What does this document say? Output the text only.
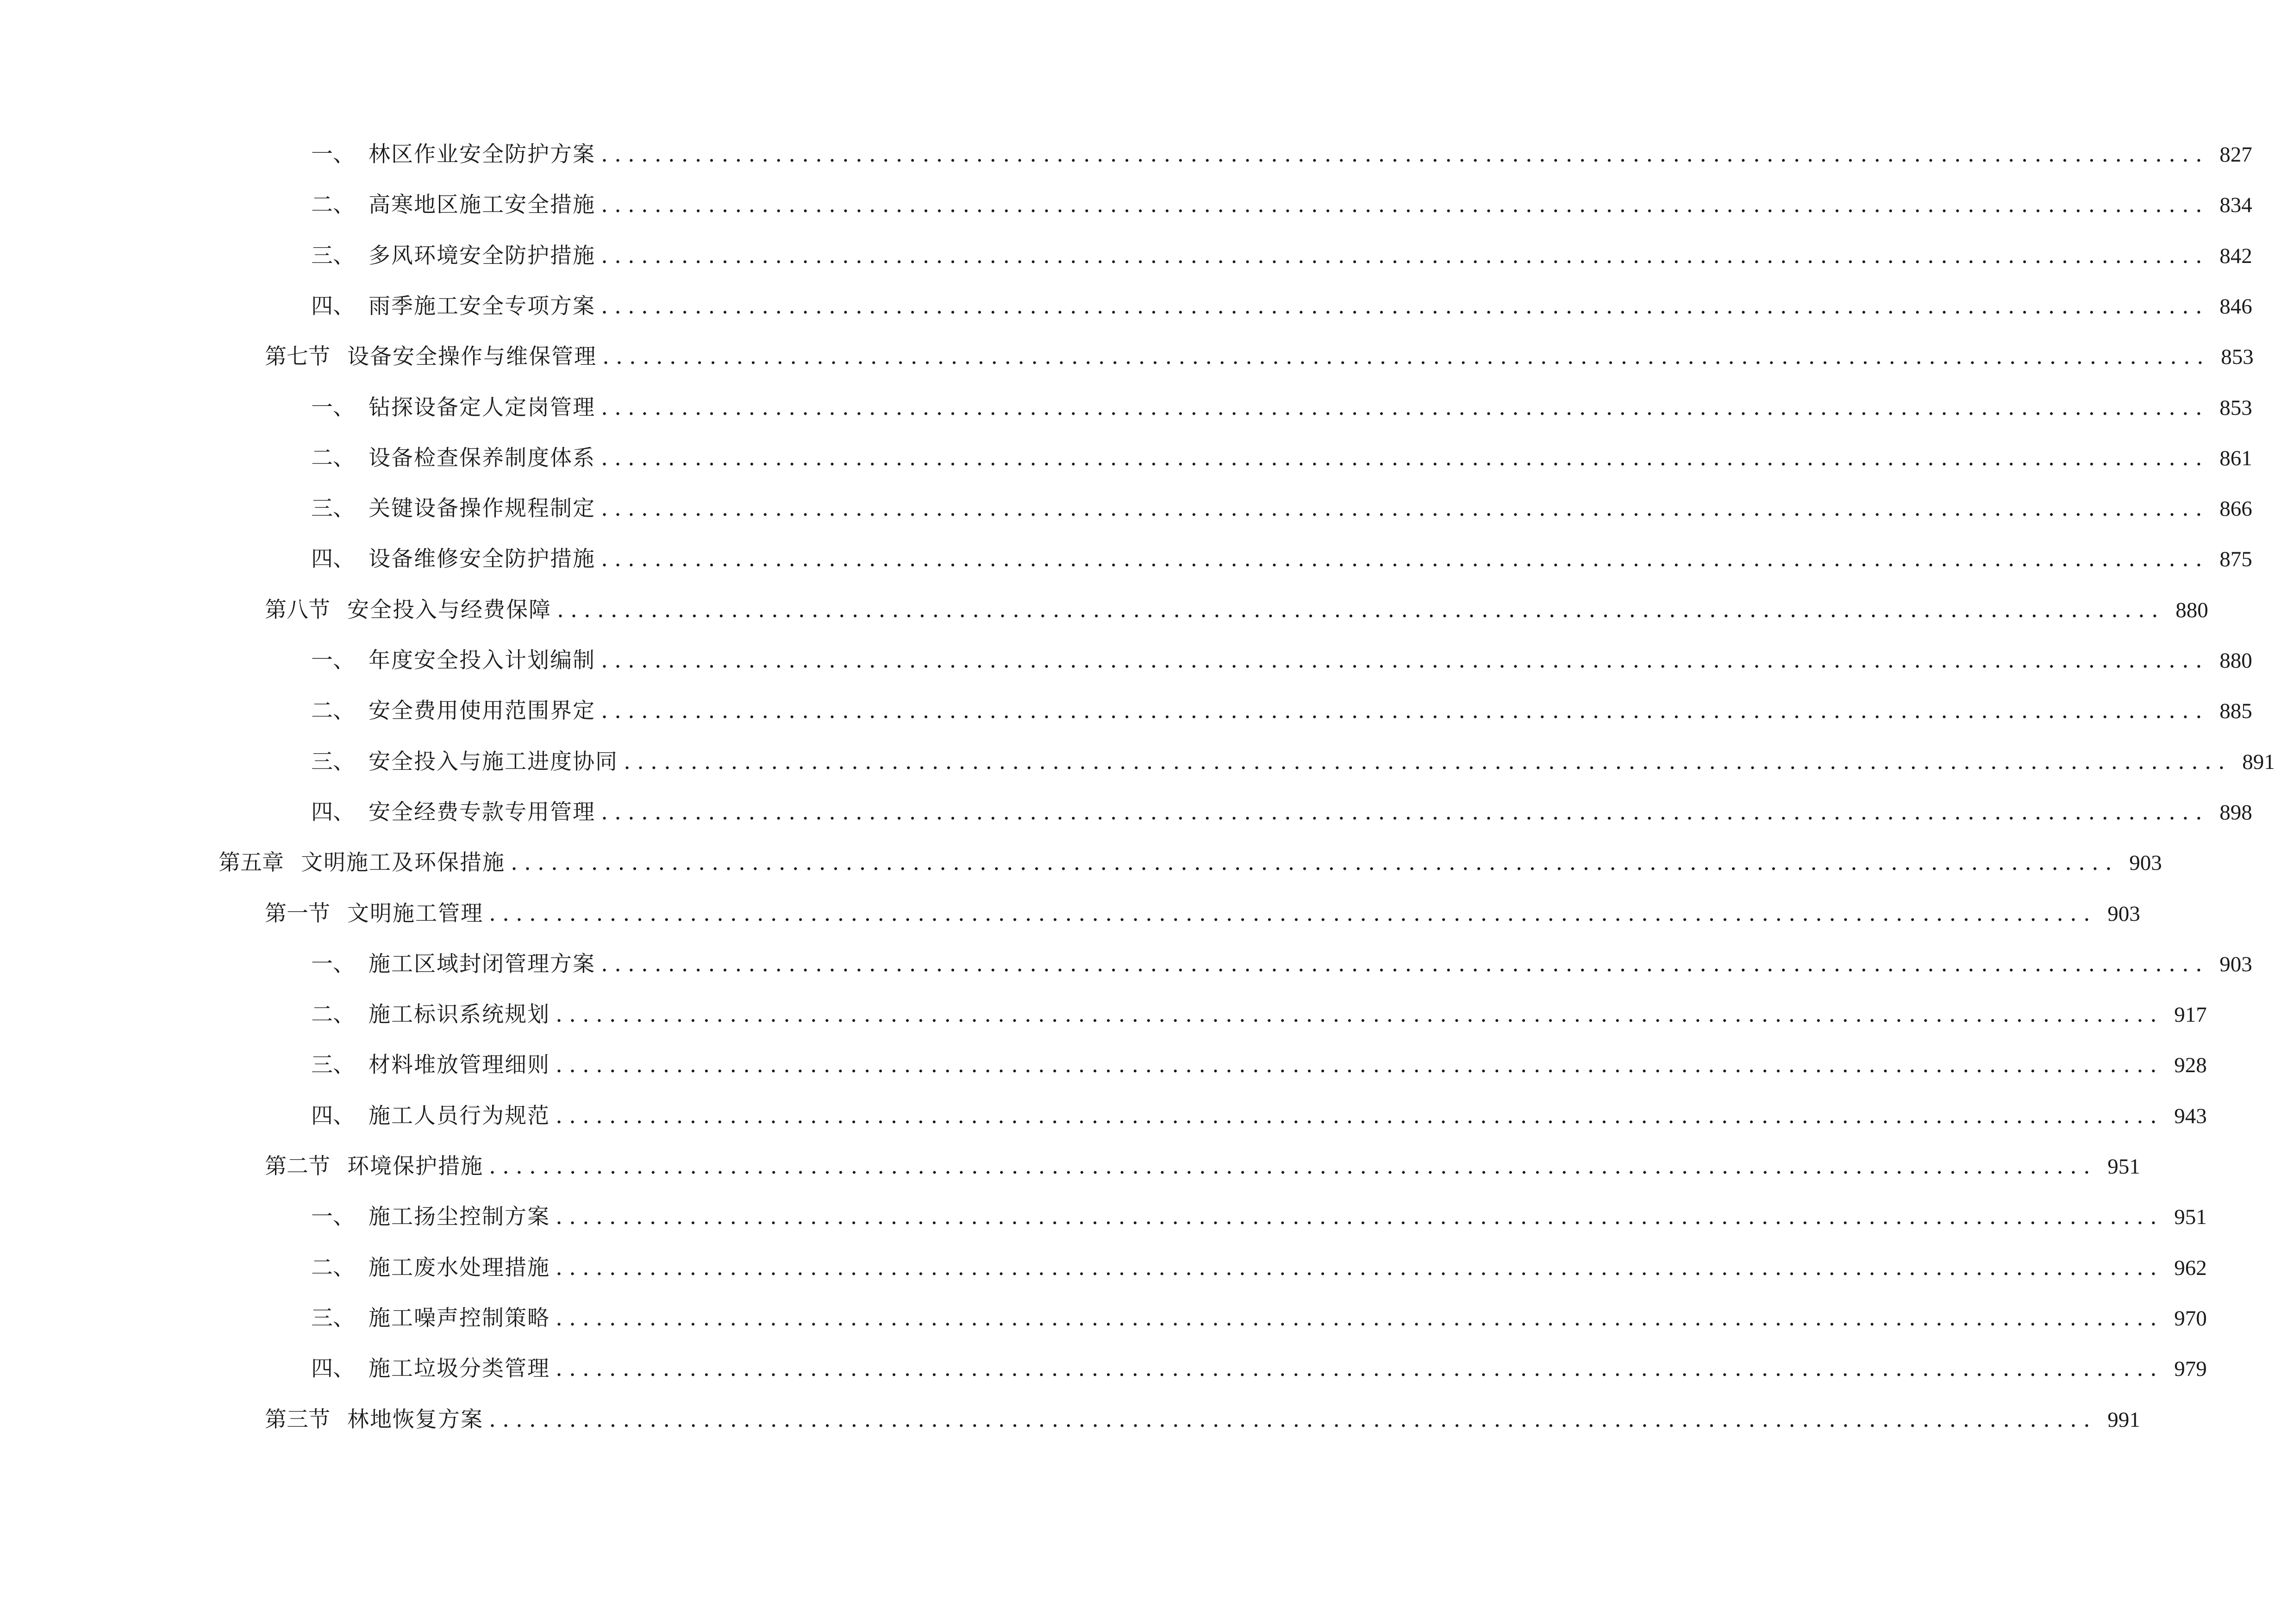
一、 林区作业安全防护方案 ........................................................................................................................ 827
二、 高寒地区施工安全措施 ........................................................................................................................ 834
三、 多风环境安全防护措施 ........................................................................................................................ 842
四、 雨季施工安全专项方案 ........................................................................................................................ 846
第七节 设备安全操作与维保管理 ........................................................................................................................ 853
一、 钻探设备定人定岗管理 ........................................................................................................................ 853
二、 设备检查保养制度体系 ........................................................................................................................ 861
三、 关键设备操作规程制定 ........................................................................................................................ 866
四、 设备维修安全防护措施 ........................................................................................................................ 875
第八节 安全投入与经费保障 ........................................................................................................................ 880
一、 年度安全投入计划编制 ........................................................................................................................ 880
二、 安全费用使用范围界定 ........................................................................................................................ 885
三、 安全投入与施工进度协同 ........................................................................................................................ 891
四、 安全经费专款专用管理 ........................................................................................................................ 898
第五章 文明施工及环保措施 ........................................................................................................................ 903
第一节 文明施工管理 ........................................................................................................................ 903
一、 施工区域封闭管理方案 ........................................................................................................................ 903
二、 施工标识系统规划 ........................................................................................................................ 917
三、 材料堆放管理细则 ........................................................................................................................ 928
四、 施工人员行为规范 ........................................................................................................................ 943
第二节 环境保护措施 ........................................................................................................................ 951
一、 施工扬尘控制方案 ........................................................................................................................ 951
二、 施工废水处理措施 ........................................................................................................................ 962
三、 施工噪声控制策略 ........................................................................................................................ 970
四、 施工垃圾分类管理 ........................................................................................................................ 979
第三节 林地恢复方案 ........................................................................................................................ 991
